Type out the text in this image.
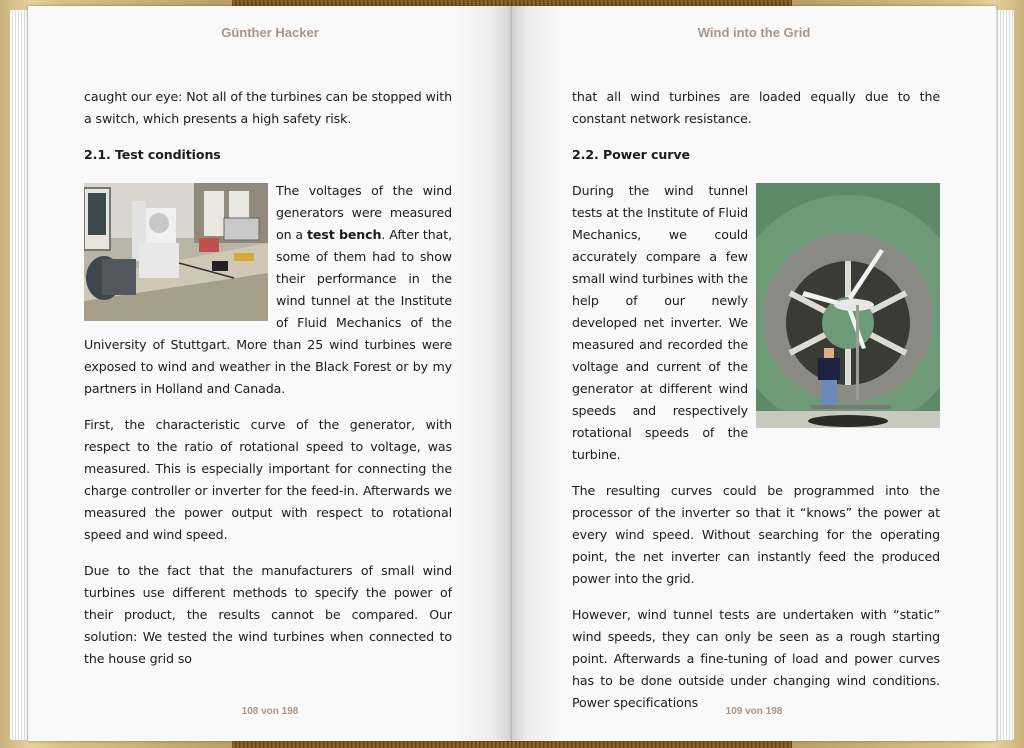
Günther Hacker

caught our eye: Not all of the turbines can be stopped with a switch, which presents a high safety risk.

2.1. Test conditions

The voltages of the wind generators were measured on a test bench. After that, some of them had to show their performance in the wind tunnel at the Institute of Fluid Mechanics of the University of Stuttgart. More than 25 wind turbines were exposed to wind and weather in the Black Forest or by my partners in Holland and Canada.

First, the characteristic curve of the generator, with respect to the ratio of rotational speed to voltage, was measured. This is especially important for connecting the charge controller or inverter for the feed-in. Afterwards we measured the power output with respect to rotational speed and wind speed.

Due to the fact that the manufacturers of small wind turbines use different methods to specify the power of their product, the results cannot be compared. Our solution: We tested the wind turbines when connected to the house grid so

108 von 198
Wind into the Grid

that all wind turbines are loaded equally due to the constant network resistance.

2.2. Power curve

During the wind tunnel tests at the Institute of Fluid Mechanics, we could accurately compare a few small wind turbines with the help of our newly developed net inverter. We measured and recorded the voltage and current of the generator at different wind speeds and respectively rotational speeds of the turbine.

The resulting curves could be programmed into the processor of the inverter so that it “knows” the power at every wind speed. Without searching for the operating point, the net inverter can instantly feed the produced power into the grid.

However, wind tunnel tests are undertaken with “static” wind speeds, they can only be seen as a rough starting point. Afterwards a fine-tuning of load and power curves has to be done outside under changing wind conditions. Power specifications

109 von 198
